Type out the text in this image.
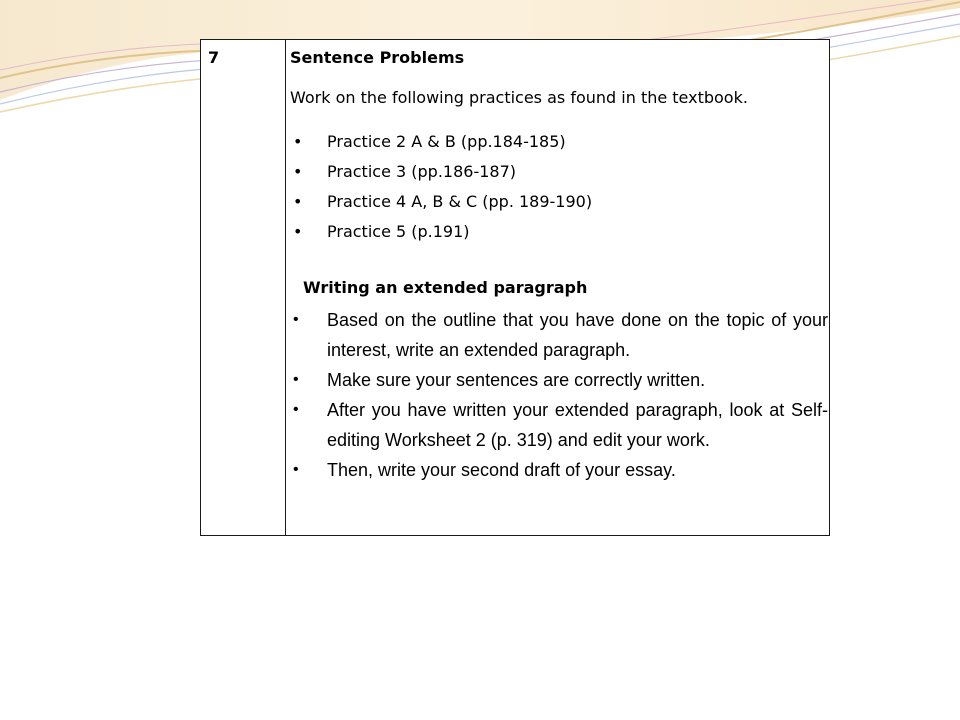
7	Sentence Problems
Work on the following practices as found in the textbook.
• Practice 2 A & B (pp.184-185)
• Practice 3 (pp.186-187)
• Practice 4 A, B & C (pp. 189-190)
• Practice 5 (p.191)
Writing an extended paragraph
• Based on the outline that you have done on the topic of your interest, write an extended paragraph.
• Make sure your sentences are correctly written.
• After you have written your extended paragraph, look at Self-editing Worksheet 2 (p. 319) and edit your work.
• Then, write your second draft of your essay.
